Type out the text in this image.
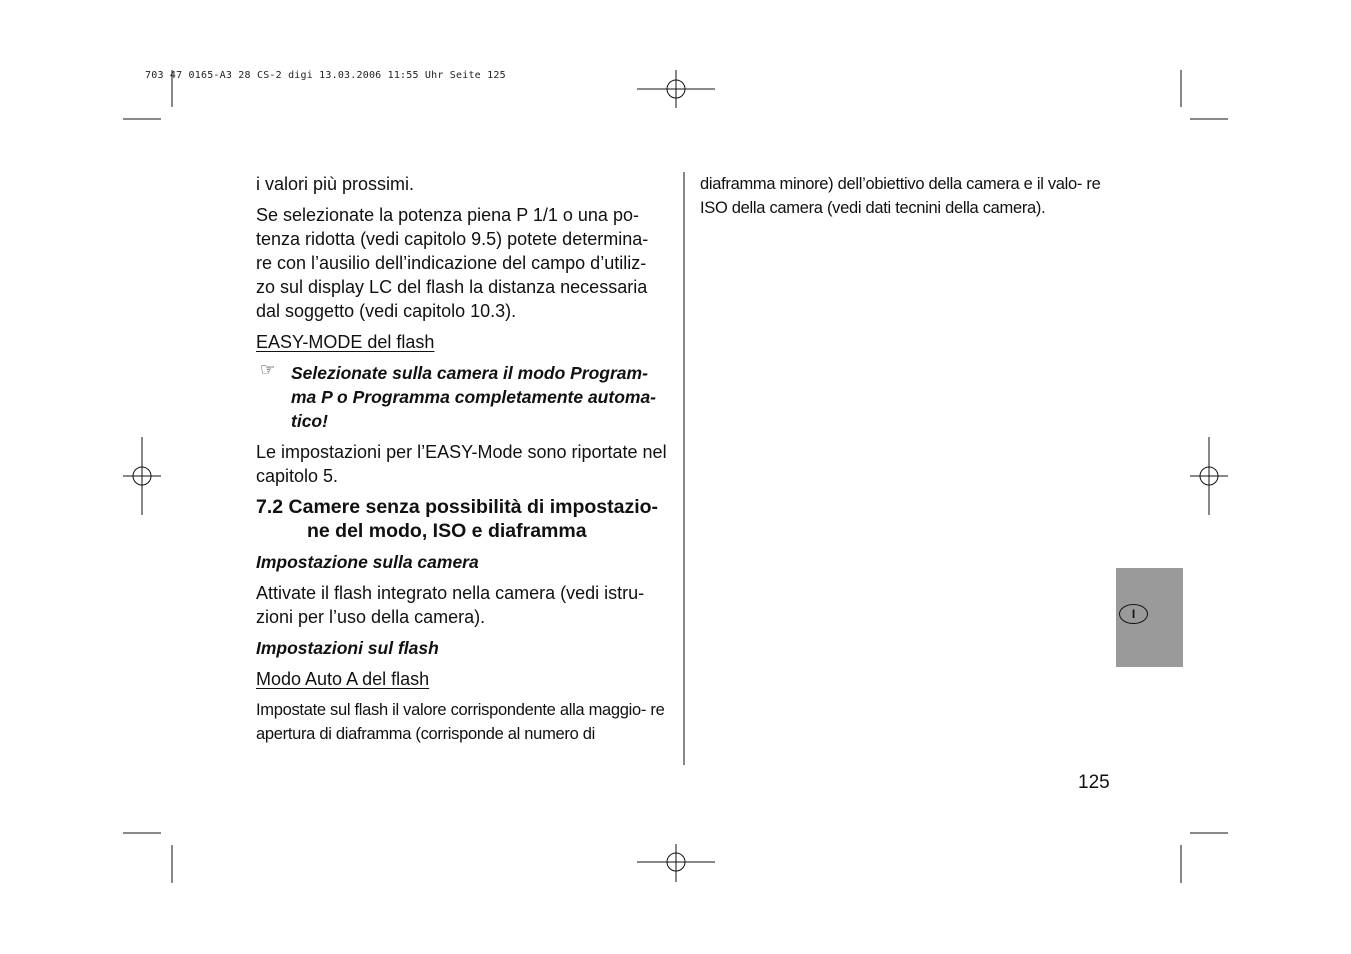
703 47 0165-A3 28 CS-2 digi 13.03.2006 11:55 Uhr Seite 125

i valori più prossimi.

Se selezionate la potenza piena P 1/1 o una po- tenza ridotta (vedi capitolo 9.5) potete determina- re con l’ausilio dell’indicazione del campo d’utiliz- zo sul display LC del flash la distanza necessaria dal soggetto (vedi capitolo 10.3).

EASY-MODE del flash

☞ Selezionate sulla camera il modo Program- ma P o Programma completamente automa- tico!

Le impostazioni per l’EASY-Mode sono riportate nel capitolo 5.

7.2 Camere senza possibilità di impostazio- ne del modo, ISO e diaframma

Impostazione sulla camera

Attivate il flash integrato nella camera (vedi istru- zioni per l’uso della camera).

Impostazioni sul flash

Modo Auto A del flash

Impostate sul flash il valore corrispondente alla maggio- re apertura di diaframma (corrisponde al numero di

diaframma minore) dell’obiettivo della camera e il valo- re ISO della camera (vedi dati tecnini della camera).

I
125
